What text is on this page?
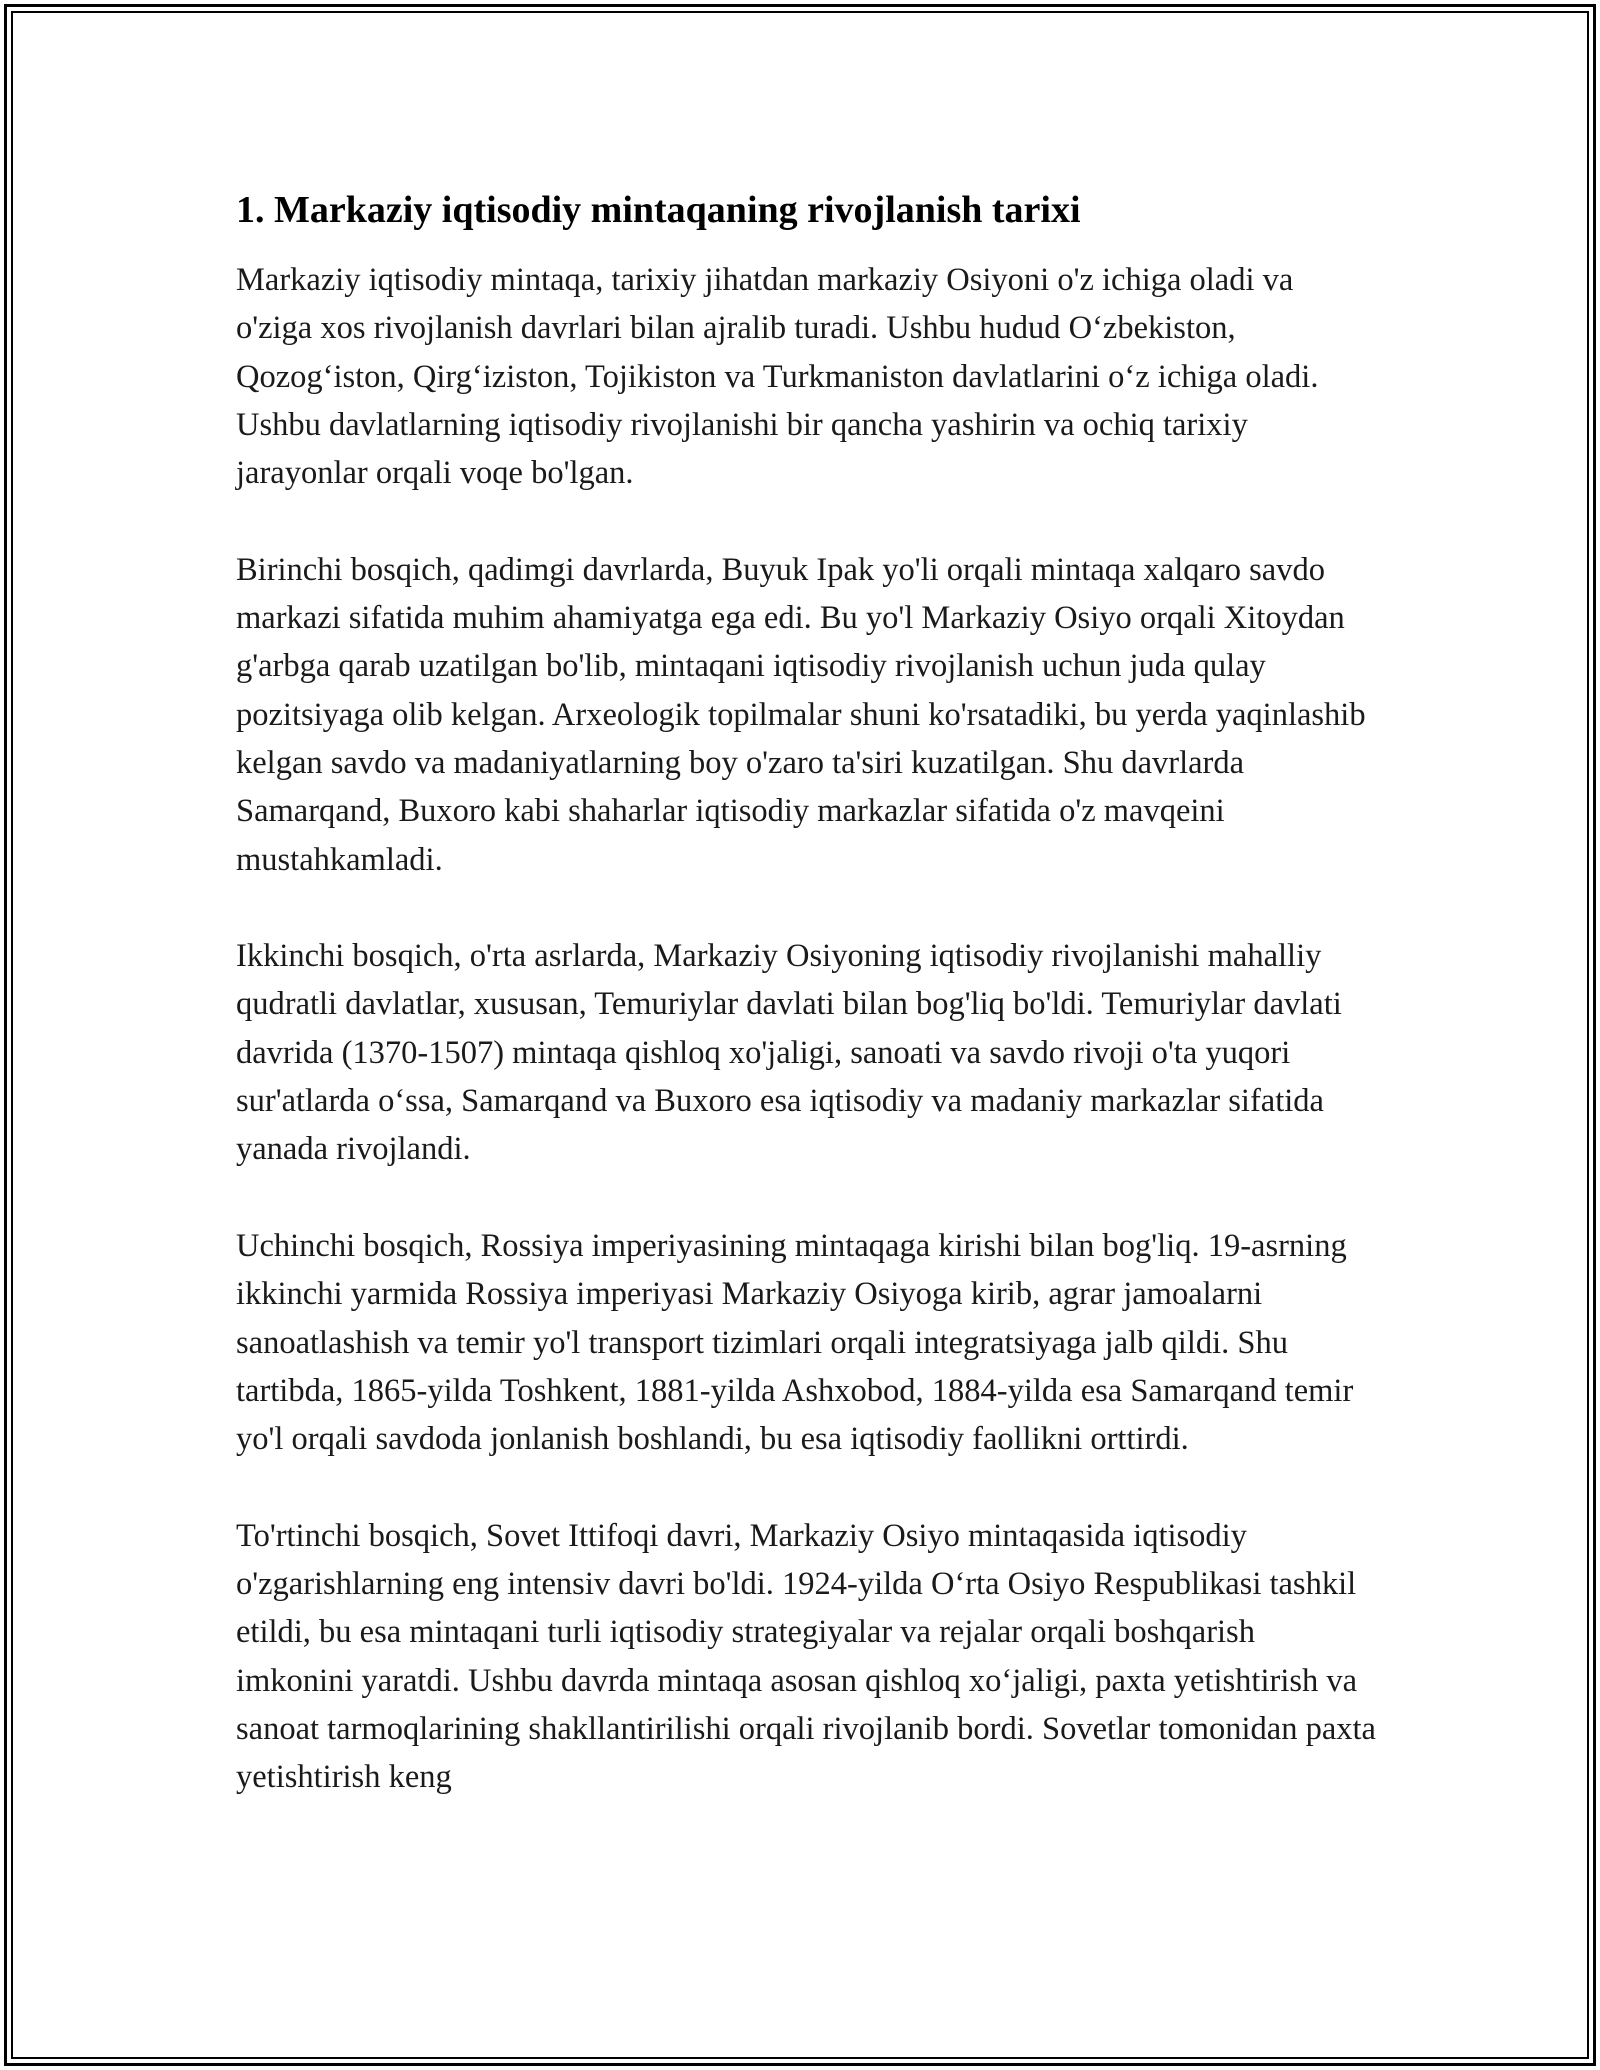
1. Markaziy iqtisodiy mintaqaning rivojlanish tarixi

Markaziy iqtisodiy mintaqa, tarixiy jihatdan markaziy Osiyoni o'z ichiga oladi va o'ziga xos rivojlanish davrlari bilan ajralib turadi. Ushbu hudud O‘zbekiston, Qozog‘iston, Qirg‘iziston, Tojikiston va Turkmaniston davlatlarini o‘z ichiga oladi. Ushbu davlatlarning iqtisodiy rivojlanishi bir qancha yashirin va ochiq tarixiy jarayonlar orqali voqe bo'lgan.

Birinchi bosqich, qadimgi davrlarda, Buyuk Ipak yo'li orqali mintaqa xalqaro savdo markazi sifatida muhim ahamiyatga ega edi. Bu yo'l Markaziy Osiyo orqali Xitoydan g'arbga qarab uzatilgan bo'lib, mintaqani iqtisodiy rivojlanish uchun juda qulay pozitsiyaga olib kelgan. Arxeologik topilmalar shuni ko'rsatadiki, bu yerda yaqinlashib kelgan savdo va madaniyatlarning boy o'zaro ta'siri kuzatilgan. Shu davrlarda Samarqand, Buxoro kabi shaharlar iqtisodiy markazlar sifatida o'z mavqeini mustahkamladi.

Ikkinchi bosqich, o'rta asrlarda, Markaziy Osiyoning iqtisodiy rivojlanishi mahalliy qudratli davlatlar, xususan, Temuriylar davlati bilan bog'liq bo'ldi. Temuriylar davlati davrida (1370-1507) mintaqa qishloq xo'jaligi, sanoati va savdo rivoji o'ta yuqori sur'atlarda o‘ssa, Samarqand va Buxoro esa iqtisodiy va madaniy markazlar sifatida yanada rivojlandi.

Uchinchi bosqich, Rossiya imperiyasining mintaqaga kirishi bilan bog'liq. 19-asrning ikkinchi yarmida Rossiya imperiyasi Markaziy Osiyoga kirib, agrar jamoalarni sanoatlashish va temir yo'l transport tizimlari orqali integratsiyaga jalb qildi. Shu tartibda, 1865-yilda Toshkent, 1881-yilda Ashxobod, 1884-yilda esa Samarqand temir yo'l orqali savdoda jonlanish boshlandi, bu esa iqtisodiy faollikni orttirdi.

To'rtinchi bosqich, Sovet Ittifoqi davri, Markaziy Osiyo mintaqasida iqtisodiy o'zgarishlarning eng intensiv davri bo'ldi. 1924-yilda O‘rta Osiyo Respublikasi tashkil etildi, bu esa mintaqani turli iqtisodiy strategiyalar va rejalar orqali boshqarish imkonini yaratdi. Ushbu davrda mintaqa asosan qishloq xo‘jaligi, paxta yetishtirish va sanoat tarmoqlarining shakllantirilishi orqali rivojlanib bordi. Sovetlar tomonidan paxta yetishtirish keng
